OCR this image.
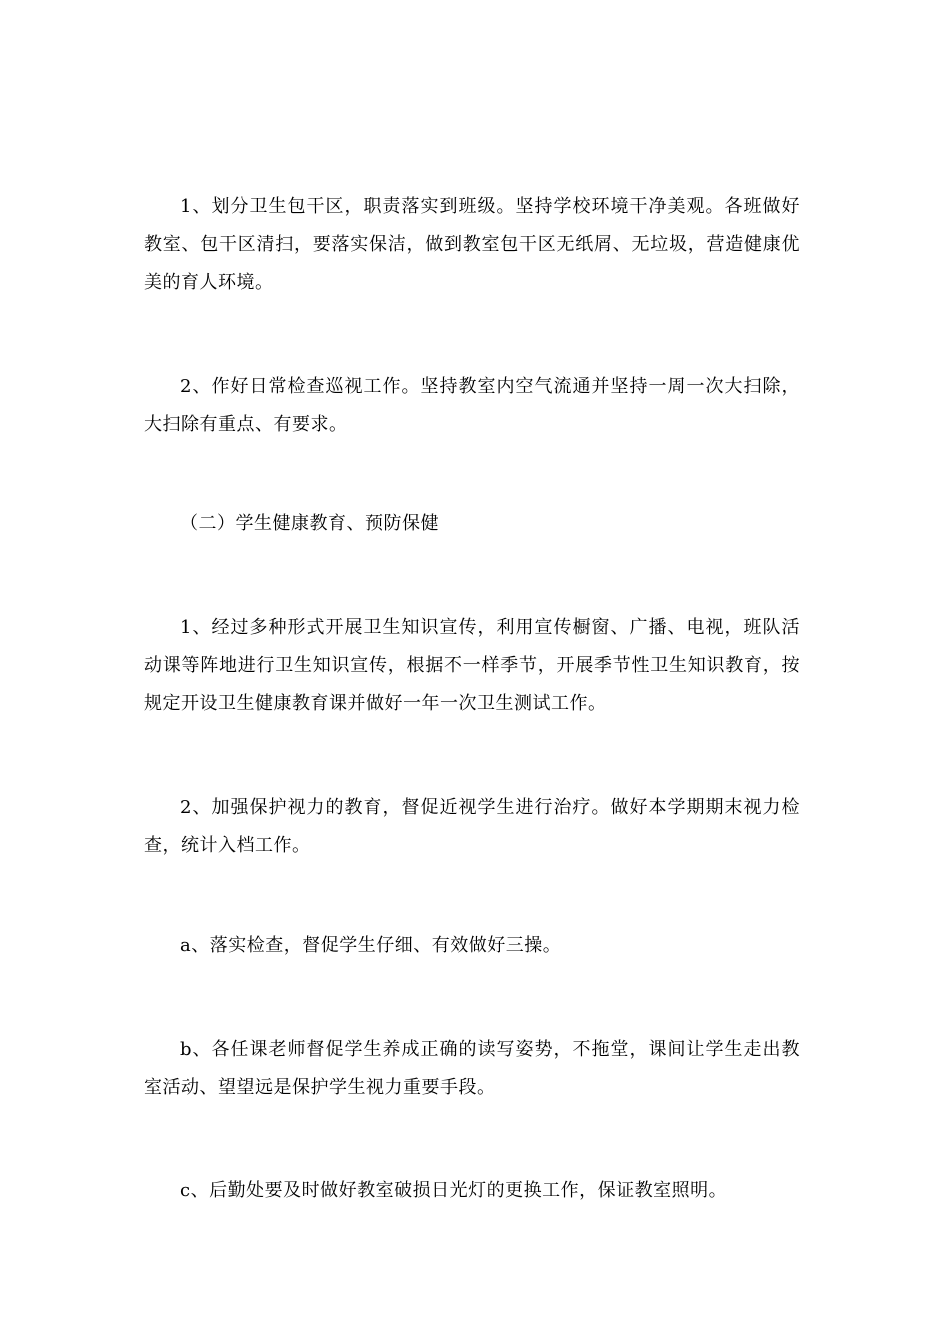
1、划分卫生包干区，职责落实到班级。坚持学校环境干净美观。各班做好教室、包干区清扫，要落实保洁，做到教室包干区无纸屑、无垃圾，营造健康优美的育人环境。

2、作好日常检查巡视工作。坚持教室内空气流通并坚持一周一次大扫除，大扫除有重点、有要求。

（二）学生健康教育、预防保健

1、经过多种形式开展卫生知识宣传，利用宣传橱窗、广播、电视，班队活动课等阵地进行卫生知识宣传，根据不一样季节，开展季节性卫生知识教育，按规定开设卫生健康教育课并做好一年一次卫生测试工作。

2、加强保护视力的教育，督促近视学生进行治疗。做好本学期期末视力检查，统计入档工作。

a、落实检查，督促学生仔细、有效做好三操。

b、各任课老师督促学生养成正确的读写姿势，不拖堂，课间让学生走出教室活动、望望远是保护学生视力重要手段。

c、后勤处要及时做好教室破损日光灯的更换工作，保证教室照明。
